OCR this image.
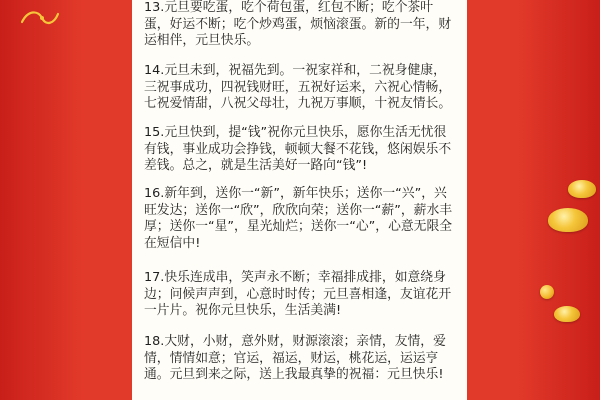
13.元旦要吃蛋，吃个荷包蛋，红包不断；吃个茶叶蛋，好运不断；吃个炒鸡蛋，烦恼滚蛋。新的一年，财运相伴，元旦快乐。

14.元旦未到，祝福先到。一祝家祥和，二祝身健康，三祝事成功，四祝钱财旺，五祝好运来，六祝心情畅，七祝爱情甜，八祝父母壮，九祝万事顺，十祝友情长。

15.元旦快到，提“钱”祝你元旦快乐，愿你生活无忧很有钱，事业成功会挣钱，顿顿大餐不花钱，悠闲娱乐不差钱。总之，就是生活美好一路向“钱”!

16.新年到，送你一“新”，新年快乐；送你一“兴”，兴旺发达；送你一“欣”，欣欣向荣；送你一“薪”，薪水丰厚；送你一“星”，星光灿烂；送你一“心”，心意无限全在短信中!

17.快乐连成串，笑声永不断；幸福排成排，如意绕身边；问候声声到，心意时时传；元旦喜相逢，友谊花开一片片。祝你元旦快乐，生活美满!

18.大财，小财，意外财，财源滚滚；亲情，友情，爱情，情情如意；官运，福运，财运，桃花运，运运亨通。元旦到来之际，送上我最真挚的祝福：元旦快乐!
